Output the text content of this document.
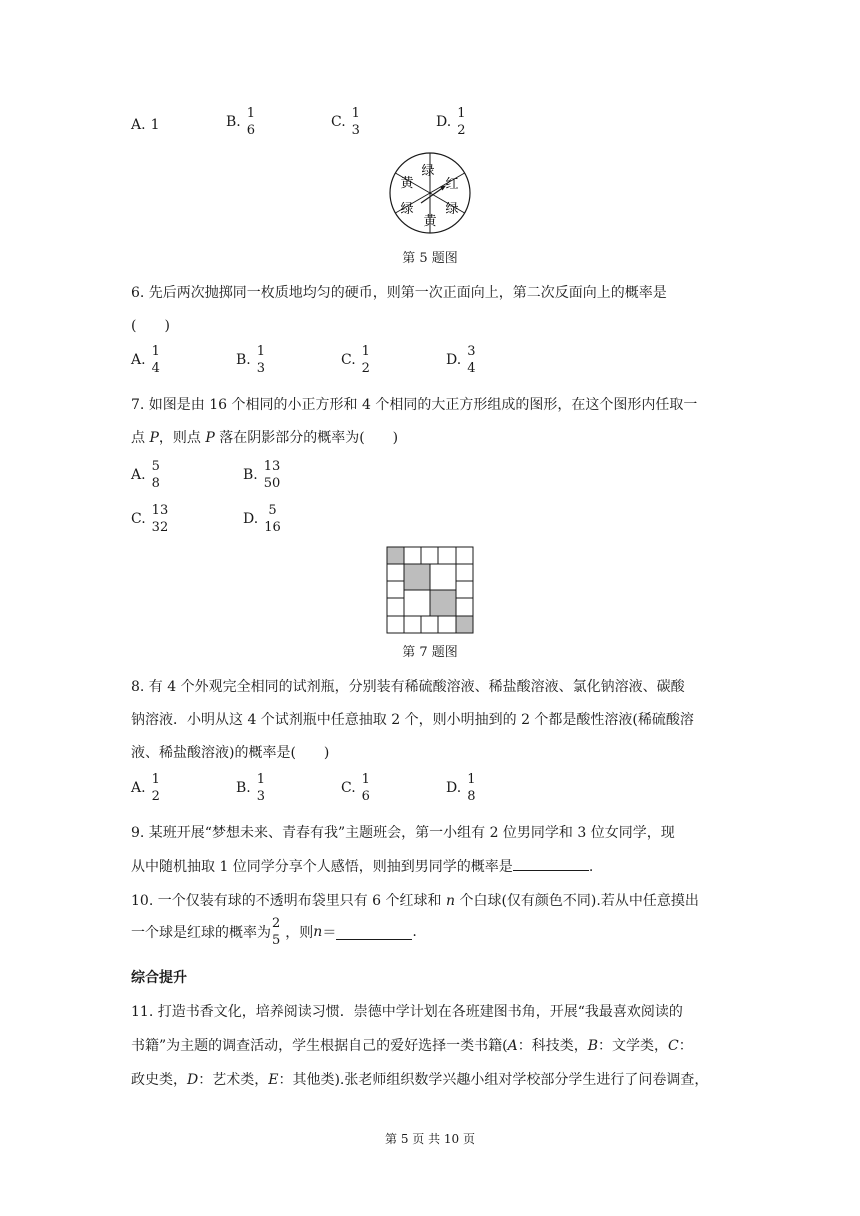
A. 1	B.
1
6
C.
1
3
D.
1
2
绿
红
绿
黄
绿
黄
第 5 题图
6. 先后两次抛掷同一枚质地均匀的硬币，则第一次正面向上，第二次反面向上的概率是
(　　)
A.
1
4
B.
1
3
C.
1
2
D.
3
4
7. 如图是由 16 个相同的小正方形和 4 个相同的大正方形组成的图形，在这个图形内任取一
点 P，则点 P 落在阴影部分的概率为(　　)
A.
5
8
B.
13
50
C.
13
32
D.
5
16
第 7 题图
8. 有 4 个外观完全相同的试剂瓶，分别装有稀硫酸溶液、稀盐酸溶液、氯化钠溶液、碳酸
钠溶液．小明从这 4 个试剂瓶中任意抽取 2 个，则小明抽到的 2 个都是酸性溶液(稀硫酸溶
液、稀盐酸溶液)的概率是(　　)
A.
1
2
B.
1
3
C.
1
6
D.
1
8
9. 某班开展“梦想未来、青春有我”主题班会，第一小组有 2 位男同学和 3 位女同学，现
从中随机抽取 1 位同学分享个人感悟，则抽到男同学的概率是	.
10. 一个仅装有球的不透明布袋里只有 6 个红球和 n 个白球(仅有颜色不同).若从中任意摸出
一个球是红球的概率为
2
5 ，则 n ＝	.
综合提升
11. 打造书香文化，培养阅读习惯．崇德中学计划在各班建图书角，开展“我最喜欢阅读的
书籍”为主题的调查活动，学生根据自己的爱好选择一类书籍(A：科技类，B：文学类，C：
政史类，D：艺术类，E：其他类).张老师组织数学兴趣小组对学校部分学生进行了问卷调查，
第 5 页 共 10 页
